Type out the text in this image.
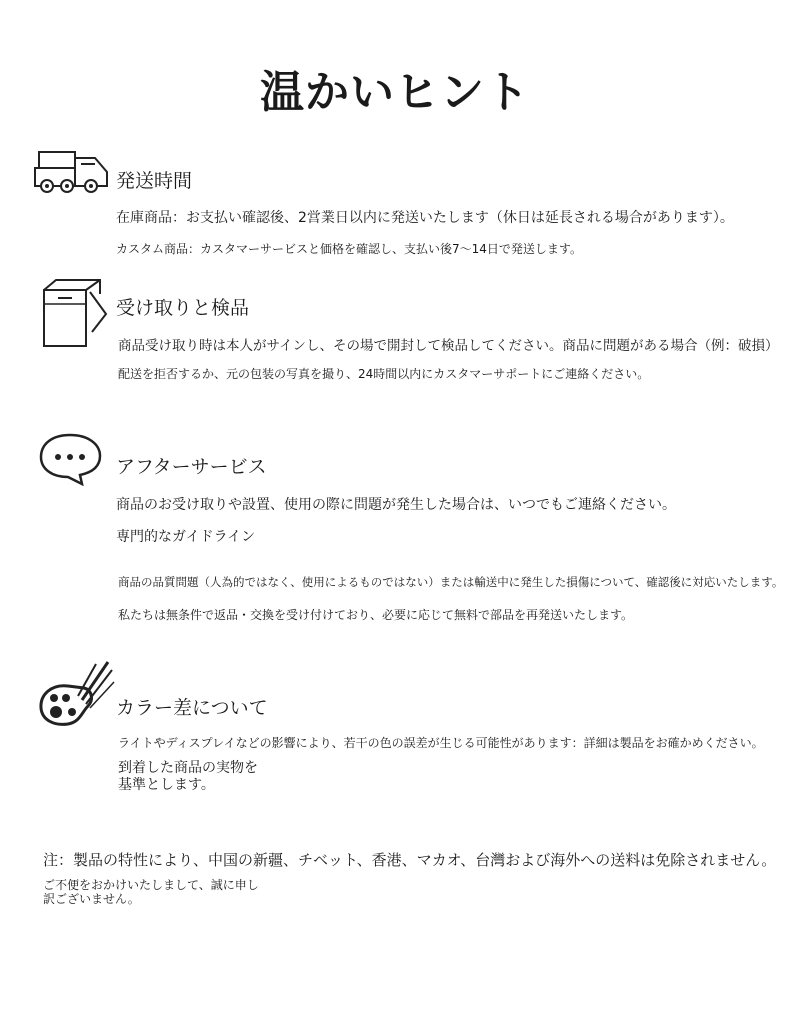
温かいヒント
発送時間

在庫商品：お支払い確認後、2営業日以内に発送いたします（休日は延長される場合があります）。

カスタム商品：カスタマーサービスと価格を確認し、支払い後7〜14日で発送します。

受け取りと検品

商品受け取り時は本人がサインし、その場で開封して検品してください。商品に問題がある場合（例：破損）

配送を拒否するか、元の包装の写真を撮り、24時間以内にカスタマーサポートにご連絡ください。

アフターサービス

商品のお受け取りや設置、使用の際に問題が発生した場合は、いつでもご連絡ください。

専門的なガイドライン

商品の品質問題（人為的ではなく、使用によるものではない）または輸送中に発生した損傷について、確認後に対応いたします。

私たちは無条件で返品・交換を受け付けており、必要に応じて無料で部品を再発送いたします。

カラー差について

ライトやディスプレイなどの影響により、若干の色の誤差が生じる可能性があります：詳細は製品をお確かめください。

到着した商品の実物を

基準とします。

注：製品の特性により、中国の新疆、チベット、香港、マカオ、台灣および海外への送料は免除されません。

ご不便をおかけいたしまして、誠に申し

訳ございません。
